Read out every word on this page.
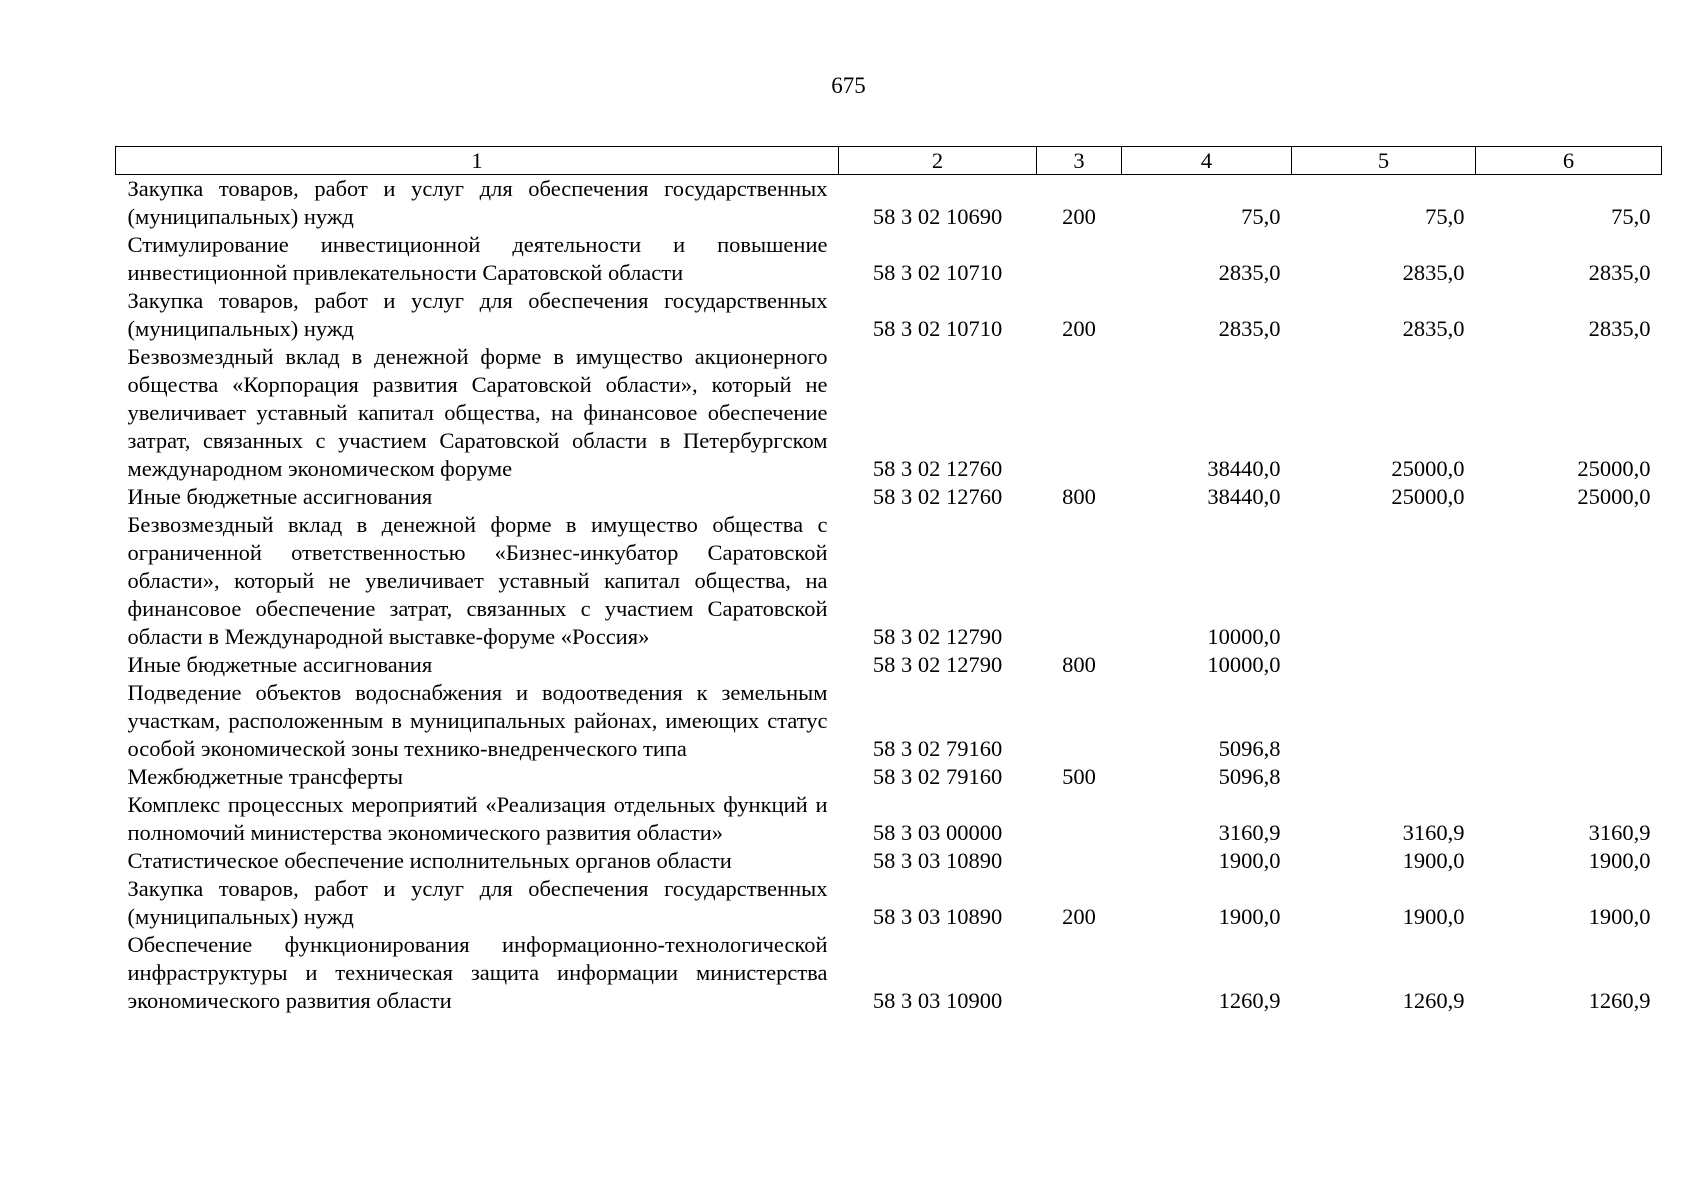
675
1	2	3	4	5	6
Закупка товаров, работ и услуг для обеспечения государственных (муниципальных) нужд	58 3 02 10690	200	75,0	75,0	75,0
Стимулирование инвестиционной деятельности и повышение инвестиционной привлекательности Саратовской области	58 3 02 10710		2835,0	2835,0	2835,0
Закупка товаров, работ и услуг для обеспечения государственных (муниципальных) нужд	58 3 02 10710	200	2835,0	2835,0	2835,0
Безвозмездный вклад в денежной форме в имущество акционерного общества «Корпорация развития Саратовской области», который не увеличивает уставный капитал общества, на финансовое обеспечение затрат, связанных с участием Саратовской области в Петербургском международном экономическом форуме	58 3 02 12760		38440,0	25000,0	25000,0
Иные бюджетные ассигнования	58 3 02 12760	800	38440,0	25000,0	25000,0
Безвозмездный вклад в денежной форме в имущество общества с ограниченной ответственностью «Бизнес-инкубатор Саратовской области», который не увеличивает уставный капитал общества, на финансовое обеспечение затрат, связанных с участием Саратовской области в Международной выставке-форуме «Россия»	58 3 02 12790		10000,0		
Иные бюджетные ассигнования	58 3 02 12790	800	10000,0		
Подведение объектов водоснабжения и водоотведения к земельным участкам, расположенным в муниципальных районах, имеющих статус особой экономической зоны технико-внедренческого типа	58 3 02 79160		5096,8		
Межбюджетные трансферты	58 3 02 79160	500	5096,8		
Комплекс процессных мероприятий «Реализация отдельных функций и полномочий министерства экономического развития области»	58 3 03 00000		3160,9	3160,9	3160,9
Статистическое обеспечение исполнительных органов области	58 3 03 10890		1900,0	1900,0	1900,0
Закупка товаров, работ и услуг для обеспечения государственных (муниципальных) нужд	58 3 03 10890	200	1900,0	1900,0	1900,0
Обеспечение функционирования информационно-технологической инфраструктуры и техническая защита информации министерства экономического развития области	58 3 03 10900		1260,9	1260,9	1260,9
